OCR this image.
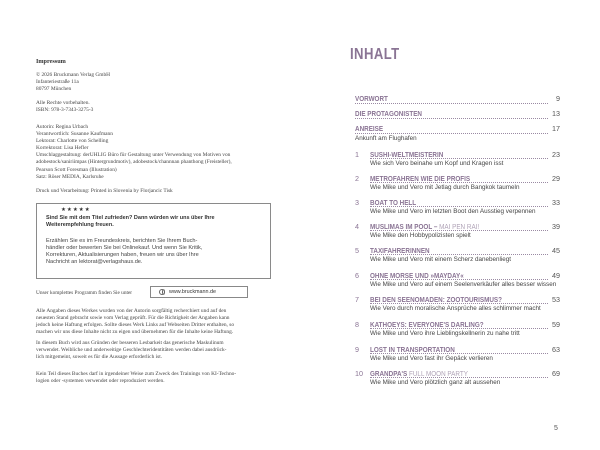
Impressum
© 2026 Bruckmann Verlag GmbH
Infanteriestraße 11a
80797 München
Alle Rechte vorbehalten.
ISBN: 978-3-7343-3275-3
Autorin: Regina Urbach
Verantwortlich: Susanne Kaufmann
Lektorat: Charlotte von Schelling
Korrektorat: Lisa Hefler
Umschlaggestaltung: derUHLIG Büro für Gestaltung unter Verwendung von Motiven von
adobestock/saniriimpas (Hintergrundmotiv), adobestock/channnan phanthong (Freisteller),
Pearson Scott Foresman (Illustration)
Satz: Röser MEDIA, Karlsruhe

Druck und Verarbeitung: Printed in Slovenia by Florjancic Tisk
★★★★★
Sind Sie mit dem Titel zufrieden? Dann würden wir uns über Ihre Weiterempfehlung freuen.
Erzählen Sie es im Freundeskreis, berichten Sie Ihrem Buch-
händler oder bewerten Sie bei Onlinekauf. Und wenn Sie Kritik,
Korrekturen, Aktualisierungen haben, freuen wir uns über Ihre
Nachricht an lektorat@verlagshaus.de.
Unser komplettes Programm finden Sie unter	www.bruckmann.de
Alle Angaben dieses Werkes wurden von der Autorin sorgfältig recherchiert und auf den
neuesten Stand gebracht sowie vom Verlag geprüft. Für die Richtigkeit der Angaben kann
jedoch keine Haftung erfolgen. Sollte dieses Werk Links auf Webseiten Dritter enthalten, so
machen wir uns diese Inhalte nicht zu eigen und übernehmen für die Inhalte keine Haftung.
In diesem Buch wird aus Gründen der besseren Lesbarkeit das generische Maskulinum
verwendet. Weibliche und anderweitige Geschlechteridentitäten werden dabei ausdrück-
lich mitgemeint, soweit es für die Aussage erforderlich ist.
Kein Teil dieses Buches darf in irgendeiner Weise zum Zweck des Trainings von KI-Techno-
logien oder -systemen verwendet oder reproduziert werden.
INHALT
VORWORT	9
DIE PROTAGONISTEN	13
ANREISE	17
Ankunft am Flughafen
1 SUSHI-WELTMEISTERIN	23
Wie sich Vero beinahe um Kopf und Kragen isst
2 METROFAHREN WIE DIE PROFIS	29
Wie Mike und Vero mit Jetlag durch Bangkok taumeln
3 BOAT TO HELL	33
Wie Mike und Vero im letzten Boot den Ausstieg verpennen
4 MUSLIMAS IM POOL – MAI PEN RAI!	39
Wie Mike den Hobbypolizisten spielt
5 TAXIFAHRERINNEN	45
Wie Mike und Vero mit einem Scherz danebenliegt
6 OHNE MORSE UND »MAYDAY«	49
Wie Mike und Vero auf einem Seelenverkäufer alles besser wissen
7 BEI DEN SEENOMADEN: ZOOTOURISMUS?	53
Wie Vero durch moralische Ansprüche alles schlimmer macht
8 KATHOEYS: EVERYONE'S DARLING?	59
Wie Mike und Vero ihre Lieblingskellnerin zu nahe tritt
9 LOST IN TRANSPORTATION	63
Wie Mike und Vero fast ihr Gepäck verlieren
10 GRANDPA'S FULL MOON PARTY	69
Wie Mike und Vero plötzlich ganz alt aussehen
5
